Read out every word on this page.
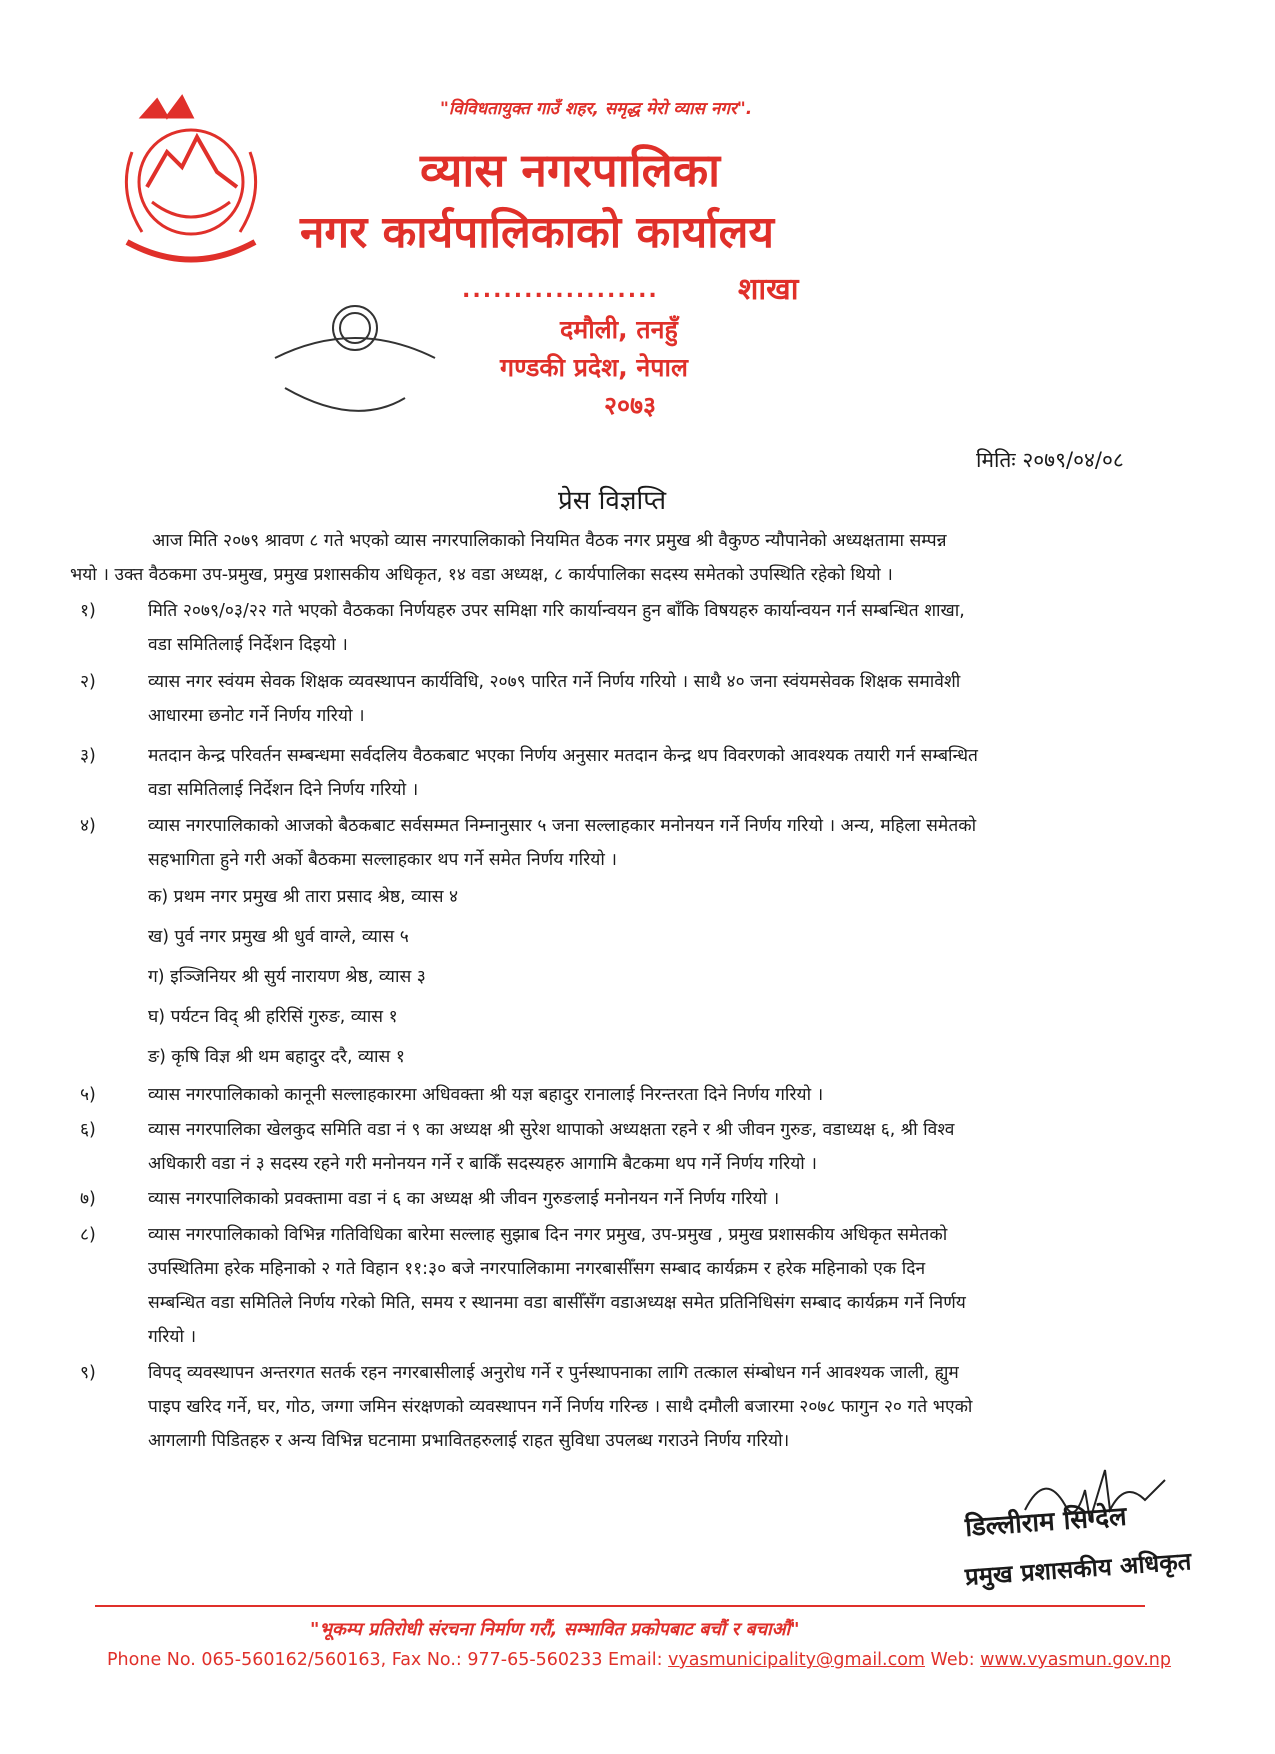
"विविधतायुक्त गाउँ शहर, समृद्ध मेरो व्यास नगर".
व्यास नगरपालिका
नगर कार्यपालिकाको कार्यालय
...................	शाखा
दमौली, तनहुँ
गण्डकी प्रदेश, नेपाल
२०७३
मितिः २०७९/०४/०८
प्रेस विज्ञप्ति
आज मिति २०७९ श्रावण ८ गते भएको व्यास नगरपालिकाको नियमित वैठक नगर प्रमुख श्री वैकुण्ठ न्यौपानेको अध्यक्षतामा सम्पन्न
भयो । उक्त वैठकमा उप-प्रमुख, प्रमुख प्रशासकीय अधिकृत, १४ वडा अध्यक्ष, ८ कार्यपालिका सदस्य समेतको उपस्थिति रहेको थियो ।
१)	मिति २०७९/०३/२२ गते भएको वैठकका निर्णयहरु उपर समिक्षा गरि कार्यान्वयन हुन बाँकि विषयहरु कार्यान्वयन गर्न सम्बन्धित शाखा,
वडा समितिलाई निर्देशन दिइयो ।
२)	व्यास नगर स्वंयम सेवक शिक्षक व्यवस्थापन कार्यविधि, २०७९ पारित गर्ने निर्णय गरियो । साथै ४० जना स्वंयमसेवक शिक्षक समावेशी
आधारमा छनोट गर्ने निर्णय गरियो ।
३)	मतदान केन्द्र परिवर्तन सम्बन्धमा सर्वदलिय वैठकबाट भएका निर्णय अनुसार मतदान केन्द्र थप विवरणको आवश्यक तयारी गर्न सम्बन्धित
वडा समितिलाई निर्देशन दिने निर्णय गरियो ।
४)	व्यास नगरपालिकाको आजको बैठकबाट सर्वसम्मत निम्नानुसार ५ जना सल्लाहकार मनोनयन गर्ने निर्णय गरियो । अन्य, महिला समेतको
सहभागिता हुने गरी अर्को बैठकमा सल्लाहकार थप गर्ने समेत निर्णय गरियो ।
क) प्रथम नगर प्रमुख श्री तारा प्रसाद श्रेष्ठ, व्यास ४
ख) पुर्व नगर प्रमुख श्री धुर्व वाग्ले, व्यास ५
ग) इञ्जिनियर श्री सुर्य नारायण श्रेष्ठ, व्यास ३
घ) पर्यटन विद् श्री हरिसिं गुरुङ, व्यास १
ङ) कृषि विज्ञ श्री थम बहादुर दरै, व्यास १
५)	व्यास नगरपालिकाको कानूनी सल्लाहकारमा अधिवक्ता श्री यज्ञ बहादुर रानालाई निरन्तरता दिने निर्णय गरियो ।
६)	व्यास नगरपालिका खेलकुद समिति वडा नं ९ का अध्यक्ष श्री सुरेश थापाको अध्यक्षता रहने र श्री जीवन गुरुङ, वडाध्यक्ष ६, श्री विश्व
अधिकारी वडा नं ३ सदस्य रहने गरी मनोनयन गर्ने र बाकिँ सदस्यहरु आगामि बैटकमा थप गर्ने निर्णय गरियो ।
७)	व्यास नगरपालिकाको प्रवक्तामा वडा नं ६ का अध्यक्ष श्री जीवन गुरुङलाई मनोनयन गर्ने निर्णय गरियो ।
८)	व्यास नगरपालिकाको विभिन्न गतिविधिका बारेमा सल्लाह सुझाब दिन नगर प्रमुख, उप-प्रमुख , प्रमुख प्रशासकीय अधिकृत समेतको
उपस्थितिमा हरेक महिनाको २ गते विहान ११:३० बजे नगरपालिकामा नगरबासीँसग सम्बाद कार्यक्रम र हरेक महिनाको एक दिन
सम्बन्धित वडा समितिले निर्णय गरेको मिति, समय र स्थानमा वडा बासीँसँग वडाअध्यक्ष समेत प्रतिनिधिसंग सम्बाद कार्यक्रम गर्ने निर्णय
गरियो ।
९)	विपद् व्यवस्थापन अन्तरगत सतर्क रहन नगरबासीलाई अनुरोध गर्ने र पुर्नस्थापनाका लागि तत्काल संम्बोधन गर्न आवश्यक जाली, ह्युम
पाइप खरिद गर्ने, घर, गोठ, जग्गा जमिन संरक्षणको व्यवस्थापन गर्ने निर्णय गरिन्छ । साथै दमौली बजारमा २०७८ फागुन २० गते भएको
आगलागी पिडितहरु र अन्य विभिन्न घटनामा प्रभावितहरुलाई राहत सुविधा उपलब्ध गराउने निर्णय गरियो।
डिल्लीराम सिग्देल
प्रमुख प्रशासकीय अधिकृत
"भूकम्प प्रतिरोधी संरचना निर्माण गरौं, सम्भावित प्रकोपबाट बचौं र बचाऔं"
Phone No. 065-560162/560163, Fax No.: 977-65-560233 Email: vyasmunicipality@gmail.com Web: www.vyasmun.gov.np
